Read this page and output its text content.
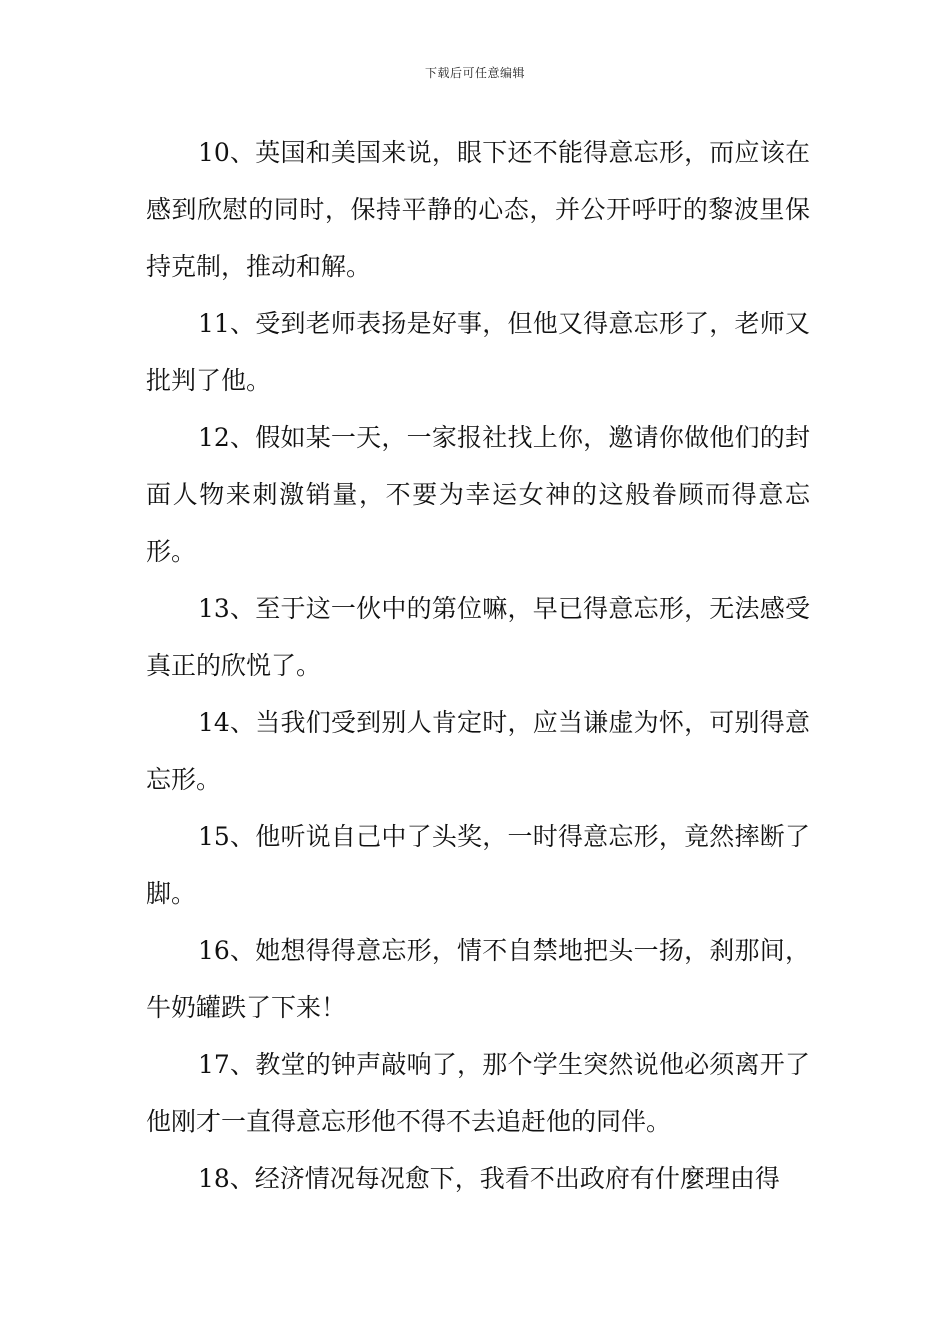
下载后可任意编辑

10、英国和美国来说，眼下还不能得意忘形，而应该在感到欣慰的同时，保持平静的心态，并公开呼吁的黎波里保持克制，推动和解。

11、受到老师表扬是好事，但他又得意忘形了，老师又批判了他。

12、假如某一天，一家报社找上你，邀请你做他们的封面人物来刺激销量，不要为幸运女神的这般眷顾而得意忘形。

13、至于这一伙中的第位嘛，早已得意忘形，无法感受真正的欣悦了。

14、当我们受到别人肯定时，应当谦虚为怀，可别得意忘形。

15、他听说自己中了头奖，一时得意忘形，竟然摔断了脚。

16、她想得得意忘形，情不自禁地把头一扬，刹那间，牛奶罐跌了下来！

17、教堂的钟声敲响了，那个学生突然说他必须离开了他刚才一直得意忘形他不得不去追赶他的同伴。

18、经济情况每况愈下，我看不出政府有什麼理由得
